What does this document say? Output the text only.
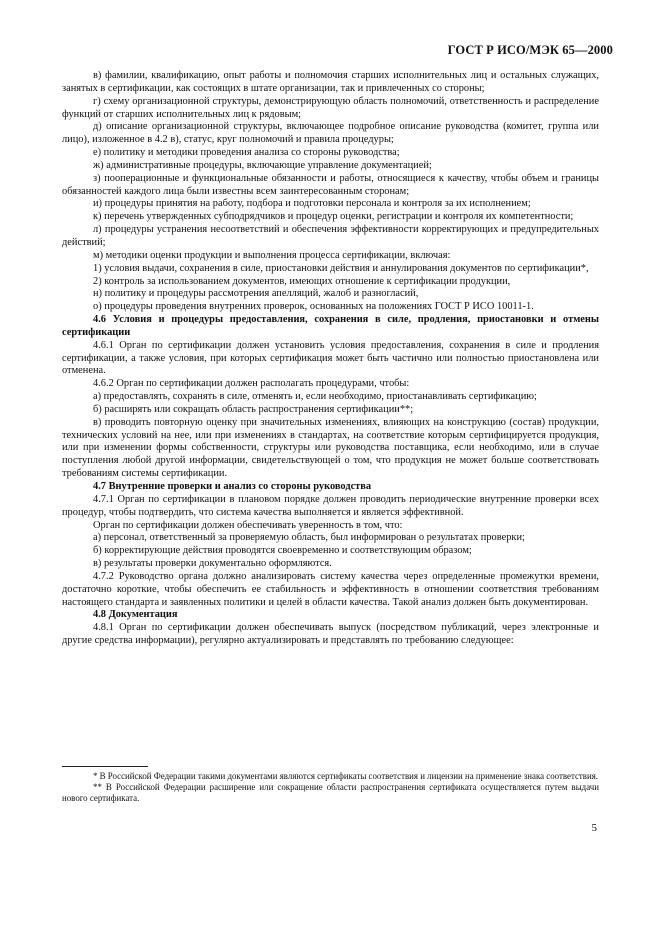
ГОСТ Р ИСО/МЭК 65—2000

в) фамилии, квалификацию, опыт работы и полномочия старших исполнительных лиц и остальных служащих, занятых в сертификации, как состоящих в штате организации, так и привлеченных со стороны;

г) схему организационной структуры, демонстрирующую область полномочий, ответственность и распределение функций от старших исполнительных лиц к рядовым;

д) описание организационной структуры, включающее подробное описание руководства (комитет, группа или лицо), изложенное в 4.2 в), статус, круг полномочий и правила процедуры;

е) политику и методики проведения анализа со стороны руководства;

ж) административные процедуры, включающие управление документацией;

з) пооперационные и функциональные обязанности и работы, относящиеся к качеству, чтобы объем и границы обязанностей каждого лица были известны всем заинтересованным сторонам;

и) процедуры принятия на работу, подбора и подготовки персонала и контроля за их исполнением;

к) перечень утвержденных субподрядчиков и процедур оценки, регистрации и контроля их компетентности;

л) процедуры устранения несоответствий и обеспечения эффективности корректирующих и предупредительных действий;

м) методики оценки продукции и выполнения процесса сертификации, включая:

1) условия выдачи, сохранения в силе, приостановки действия и аннулирования документов по сертификации*,

2) контроль за использованием документов, имеющих отношение к сертификации продукции,

н) политику и процедуры рассмотрения апелляций, жалоб и разногласий,

о) процедуры проведения внутренних проверок, основанных на положениях ГОСТ Р ИСО 10011-1.

4.6 Условия и процедуры предоставления, сохранения в силе, продления, приостановки и отмены сертификации

4.6.1 Орган по сертификации должен установить условия предоставления, сохранения в силе и продления сертификации, а также условия, при которых сертификация может быть частично или полностью приостановлена или отменена.

4.6.2 Орган по сертификации должен располагать процедурами, чтобы:

а) предоставлять, сохранять в силе, отменять и, если необходимо, приостанавливать сертификацию;

б) расширять или сокращать область распространения сертификации**;

в) проводить повторную оценку при значительных изменениях, влияющих на конструкцию (состав) продукции, технических условий на нее, или при изменениях в стандартах, на соответствие которым сертифицируется продукция, или при изменении формы собственности, структуры или руководства поставщика, если необходимо, или в случае поступления любой другой информации, свидетельствующей о том, что продукция не может больше соответствовать требованиям системы сертификации.

4.7 Внутренние проверки и анализ со стороны руководства

4.7.1 Орган по сертификации в плановом порядке должен проводить периодические внутренние проверки всех процедур, чтобы подтвердить, что система качества выполняется и является эффективной.

Орган по сертификации должен обеспечивать уверенность в том, что:

а) персонал, ответственный за проверяемую область, был информирован о результатах проверки;

б) корректирующие действия проводятся своевременно и соответствующим образом;

в) результаты проверки документально оформляются.

4.7.2 Руководство органа должно анализировать систему качества через определенные промежутки времени, достаточно короткие, чтобы обеспечить ее стабильность и эффективность в отношении соответствия требованиям настоящего стандарта и заявленных политики и целей в области качества. Такой анализ должен быть документирован.

4.8 Документация

4.8.1 Орган по сертификации должен обеспечивать выпуск (посредством публикаций, через электронные и другие средства информации), регулярно актуализировать и представлять по требованию следующее:

* В Российской Федерации такими документами являются сертификаты соответствия и лицензии на применение знака соответствия.

** В Российской Федерации расширение или сокращение области распространения сертификата осуществляется путем выдачи нового сертификата.

5
